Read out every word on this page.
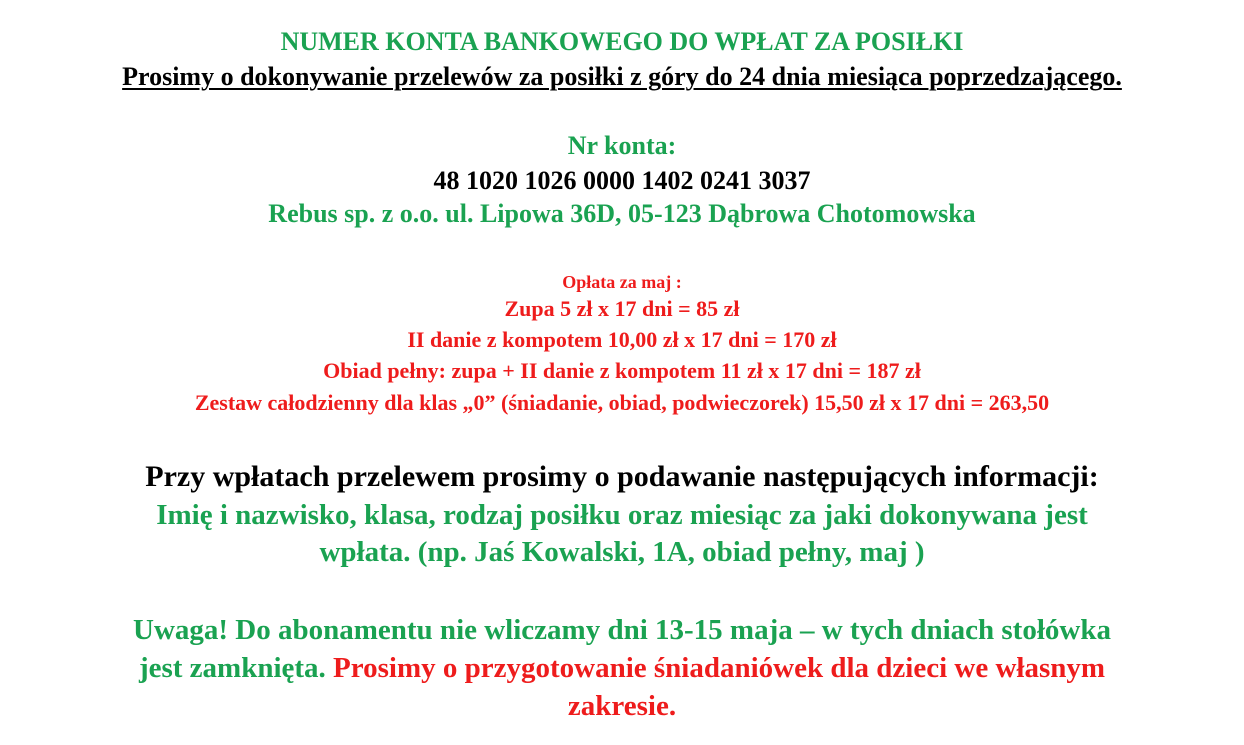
NUMER KONTA BANKOWEGO DO WPŁAT ZA POSIŁKI
Prosimy o dokonywanie przelewów za posiłki z góry do 24 dnia miesiąca poprzedzającego.
Nr konta:
48 1020 1026 0000 1402 0241 3037
Rebus sp. z o.o. ul. Lipowa 36D, 05-123 Dąbrowa Chotomowska
Opłata za maj :
Zupa 5 zł x 17 dni = 85 zł
II danie z kompotem 10,00 zł x 17 dni = 170 zł
Obiad pełny: zupa + II danie z kompotem 11 zł x 17 dni = 187 zł
Zestaw całodzienny dla klas „0” (śniadanie, obiad, podwieczorek) 15,50 zł x 17 dni = 263,50
Przy wpłatach przelewem prosimy o podawanie następujących informacji:
Imię i nazwisko, klasa, rodzaj posiłku oraz miesiąc za jaki dokonywana jest
wpłata. (np. Jaś Kowalski, 1A, obiad pełny, maj )
Uwaga! Do abonamentu nie wliczamy dni 13-15 maja – w tych dniach stołówka
jest zamknięta. Prosimy o przygotowanie śniadaniówek dla dzieci we własnym
zakresie.
